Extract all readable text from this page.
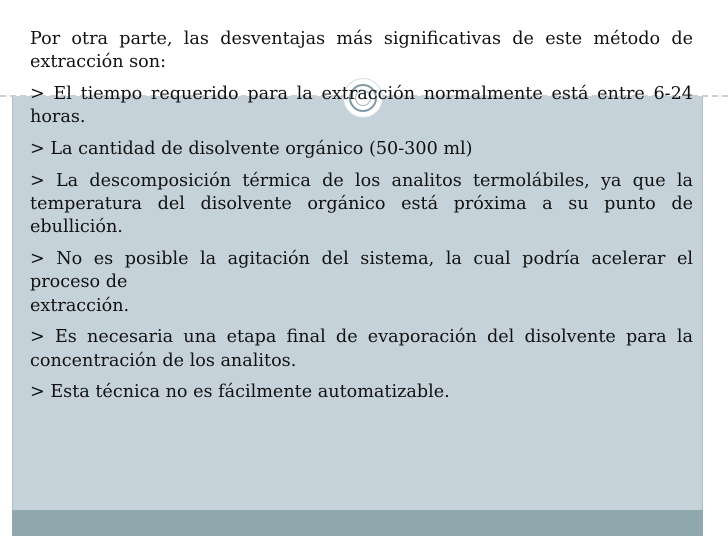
Por otra parte, las desventajas más significativas de este método de extracción son:

> El tiempo requerido para la extracción normalmente está entre 6-24 horas.

> La cantidad de disolvente orgánico (50-300 ml)

> La descomposición térmica de los analitos termolábiles, ya que la temperatura del disolvente orgánico está próxima a su punto de ebullición.

> No es posible la agitación del sistema, la cual podría acelerar el proceso de

extracción.

> Es necesaria una etapa final de evaporación del disolvente para la concentración de los analitos.

> Esta técnica no es fácilmente automatizable.
